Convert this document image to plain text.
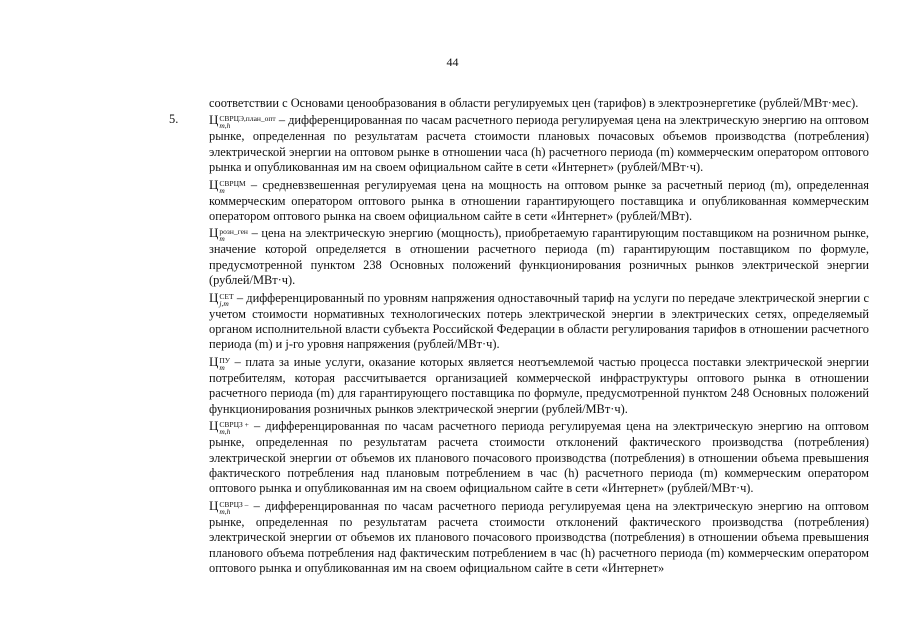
44

соответствии с Основами ценообразования в области регулируемых цен (тарифов) в электроэнергетике (рублей/МВт·мес).

5. Ц СВРЦЭ,план_опт
m,h	– дифференцированная по часам расчетного периода регулируемая цена на электрическую энергию на оптовом рынке, определенная по результатам расчета стоимости плановых почасовых объемов производства (потребления) электрической энергии на оптовом рынке в отношении часа (h) расчетного периода (m) коммерческим оператором оптового рынка и опубликованная им на своем официальном сайте в сети «Интернет» (рублей/МВт·ч).

Ц СВРЦМ
m	– средневзвешенная регулируемая цена на мощность на оптовом рынке за расчетный период (m), определенная коммерческим оператором оптового рынка в отношении гарантирующего поставщика и опубликованная коммерческим оператором оптового рынка на своем официальном сайте в сети «Интернет» (рублей/МВт).

Ц розн_ген
m	– цена на электрическую энергию (мощность), приобретаемую гарантирующим поставщиком на розничном рынке, значение которой определяется в отношении расчетного периода (m) гарантирующим поставщиком по формуле, предусмотренной пунктом 238 Основных положений функционирования розничных рынков электрической энергии (рублей/МВт·ч).

Ц СЕТ
j,m – дифференцированный по уровням напряжения одноставочный тариф на услуги по передаче электрической энергии с учетом стоимости нормативных технологических потерь электрической энергии в электрических сетях, определяемый органом исполнительной власти субъекта Российской Федерации в области регулирования тарифов в отношении расчетного периода (m) и j-го уровня напряжения (рублей/МВт·ч).

Ц ПУ
m – плата за иные услуги, оказание которых является неотъемлемой частью процесса поставки электрической энергии потребителям, которая рассчитывается организацией коммерческой инфраструктуры оптового рынка в отношении расчетного периода (m) для гарантирующего поставщика по формуле, предусмотренной пунктом 248 Основных положений функционирования розничных рынков электрической энергии (рублей/МВт·ч).

Ц СВРЦЗ +
m,h	– дифференцированная по часам расчетного периода регулируемая цена на электрическую энергию на оптовом рынке, определенная по результатам расчета стоимости отклонений фактического производства (потребления) электрической энергии от объемов их планового почасового производства (потребления) в отношении объема превышения фактического потребления над плановым потреблением в час (h) расчетного периода (m) коммерческим оператором оптового рынка и опубликованная им на своем официальном сайте в сети «Интернет» (рублей/МВт·ч).

Ц СВРЦЗ –
m,h	– дифференцированная по часам расчетного периода регулируемая цена на электрическую энергию на оптовом рынке, определенная по результатам расчета стоимости отклонений фактического производства (потребления) электрической энергии от объемов их планового почасового производства (потребления) в отношении объема превышения планового объема потребления над фактическим потреблением в час (h) расчетного периода (m) коммерческим оператором оптового рынка и опубликованная им на своем официальном сайте в сети «Интернет»
